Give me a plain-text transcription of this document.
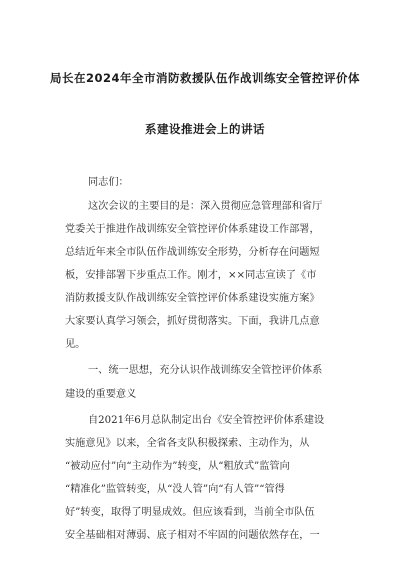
局长在2024年全市消防救援队伍作战训练安全管控评价体
系建设推进会上的讲话
同志们：
这次会议的主要目的是：深入贯彻应急管理部和省厅
党委关于推进作战训练安全管控评价体系建设工作部署，
总结近年来全市队伍作战训练安全形势，分析存在问题短
板，安排部署下步重点工作。刚才，××同志宣读了《市
消防救援支队作战训练安全管控评价体系建设实施方案》
大家要认真学习领会，抓好贯彻落实。下面，我讲几点意
见。
一、统一思想，充分认识作战训练安全管控评价体系
建设的重要意义
自2021年6月总队制定出台《安全管控评价体系建设
实施意见》以来，全省各支队积极探索、主动作为，从
“被动应付”向“主动作为”转变，从“粗放式”监管向
“精准化”监管转变，从“没人管”向“有人管”“管得
好”转变，取得了明显成效。但应该看到，当前全市队伍
安全基础相对薄弱、底子相对不牢固的问题依然存在，一
